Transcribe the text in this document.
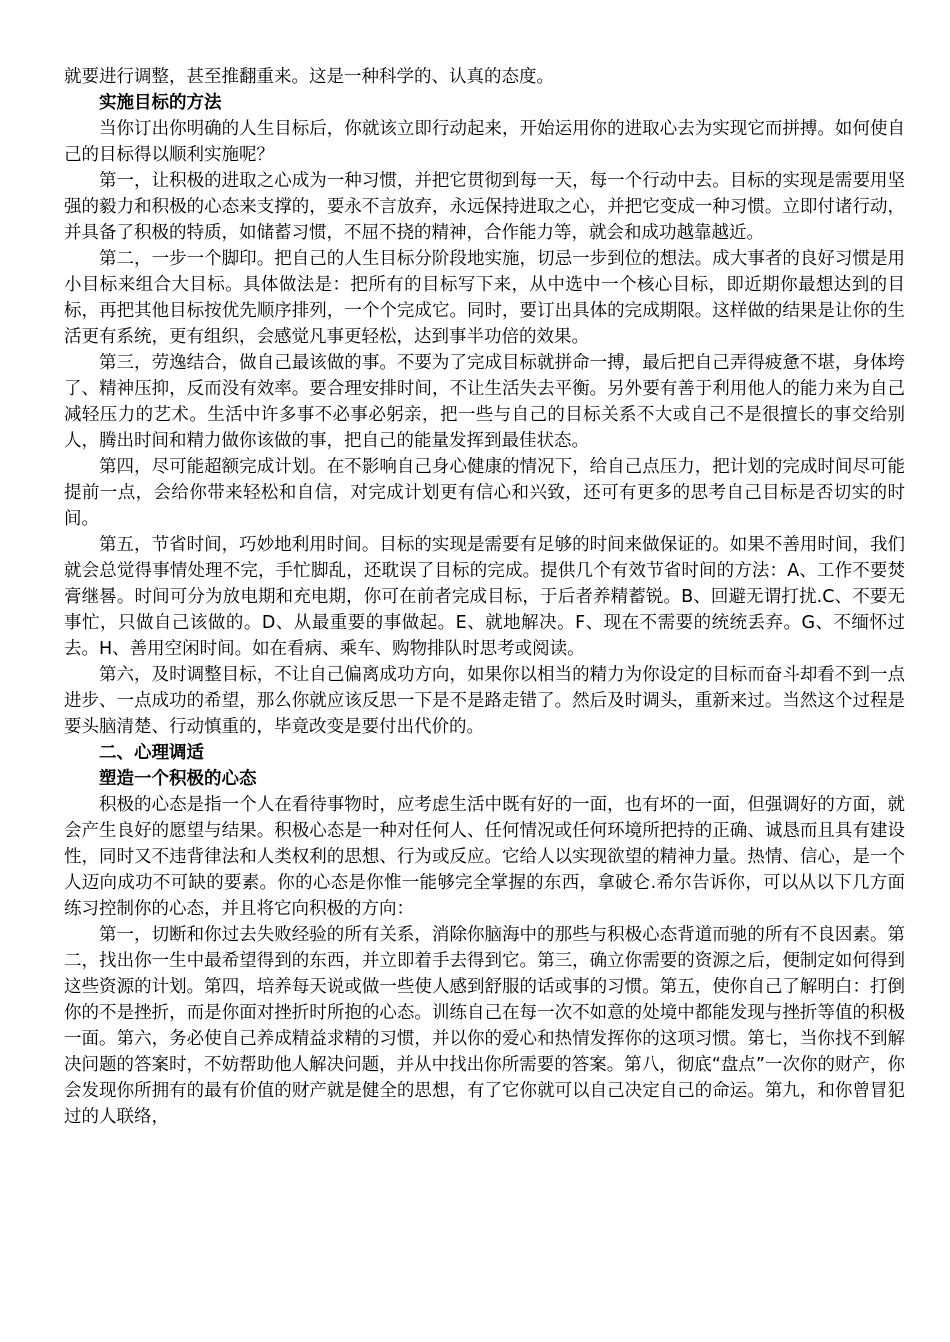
就要进行调整，甚至推翻重来。这是一种科学的、认真的态度。

实施目标的方法

当你订出你明确的人生目标后，你就该立即行动起来，开始运用你的进取心去为实现它而拼搏。如何使自己的目标得以顺利实施呢？

第一，让积极的进取之心成为一种习惯，并把它贯彻到每一天，每一个行动中去。目标的实现是需要用坚强的毅力和积极的心态来支撑的，要永不言放弃，永远保持进取之心，并把它变成一种习惯。立即付诸行动，并具备了积极的特质，如储蓄习惯，不屈不挠的精神，合作能力等，就会和成功越靠越近。

第二，一步一个脚印。把自己的人生目标分阶段地实施，切忌一步到位的想法。成大事者的良好习惯是用小目标来组合大目标。具体做法是：把所有的目标写下来，从中选中一个核心目标，即近期你最想达到的目标，再把其他目标按优先顺序排列，一个个完成它。同时，要订出具体的完成期限。这样做的结果是让你的生活更有系统，更有组织，会感觉凡事更轻松，达到事半功倍的效果。

第三，劳逸结合，做自己最该做的事。不要为了完成目标就拼命一搏，最后把自己弄得疲惫不堪，身体垮了、精神压抑，反而没有效率。要合理安排时间，不让生活失去平衡。另外要有善于利用他人的能力来为自己减轻压力的艺术。生活中许多事不必事必躬亲，把一些与自己的目标关系不大或自己不是很擅长的事交给别人，腾出时间和精力做你该做的事，把自己的能量发挥到最佳状态。

第四，尽可能超额完成计划。在不影响自己身心健康的情况下，给自己点压力，把计划的完成时间尽可能提前一点，会给你带来轻松和自信，对完成计划更有信心和兴致，还可有更多的思考自己目标是否切实的时间。

第五，节省时间，巧妙地利用时间。目标的实现是需要有足够的时间来做保证的。如果不善用时间，我们就会总觉得事情处理不完，手忙脚乱，还耽误了目标的完成。提供几个有效节省时间的方法：A、工作不要焚膏继晷。时间可分为放电期和充电期，你可在前者完成目标，于后者养精蓄锐。B、回避无谓打扰.C、不要无事忙，只做自己该做的。D、从最重要的事做起。E、就地解决。F、现在不需要的统统丢弃。G、不缅怀过去。H、善用空闲时间。如在看病、乘车、购物排队时思考或阅读。

第六，及时调整目标，不让自己偏离成功方向，如果你以相当的精力为你设定的目标而奋斗却看不到一点进步、一点成功的希望，那么你就应该反思一下是不是路走错了。然后及时调头，重新来过。当然这个过程是要头脑清楚、行动慎重的，毕竟改变是要付出代价的。

二、心理调适

塑造一个积极的心态

积极的心态是指一个人在看待事物时，应考虑生活中既有好的一面，也有坏的一面，但强调好的方面，就会产生良好的愿望与结果。积极心态是一种对任何人、任何情况或任何环境所把持的正确、诚恳而且具有建设性，同时又不违背律法和人类权利的思想、行为或反应。它给人以实现欲望的精神力量。热情、信心，是一个人迈向成功不可缺的要素。你的心态是你惟一能够完全掌握的东西，拿破仑.希尔告诉你，可以从以下几方面练习控制你的心态，并且将它向积极的方向：

第一，切断和你过去失败经验的所有关系，消除你脑海中的那些与积极心态背道而驰的所有不良因素。第二，找出你一生中最希望得到的东西，并立即着手去得到它。第三，确立你需要的资源之后，便制定如何得到这些资源的计划。第四，培养每天说或做一些使人感到舒服的话或事的习惯。第五，使你自己了解明白：打倒你的不是挫折，而是你面对挫折时所抱的心态。训练自己在每一次不如意的处境中都能发现与挫折等值的积极一面。第六，务必使自己养成精益求精的习惯，并以你的爱心和热情发挥你的这项习惯。第七，当你找不到解决问题的答案时，不妨帮助他人解决问题，并从中找出你所需要的答案。第八，彻底“盘点”一次你的财产，你会发现你所拥有的最有价值的财产就是健全的思想，有了它你就可以自己决定自己的命运。第九，和你曾冒犯过的人联络，
